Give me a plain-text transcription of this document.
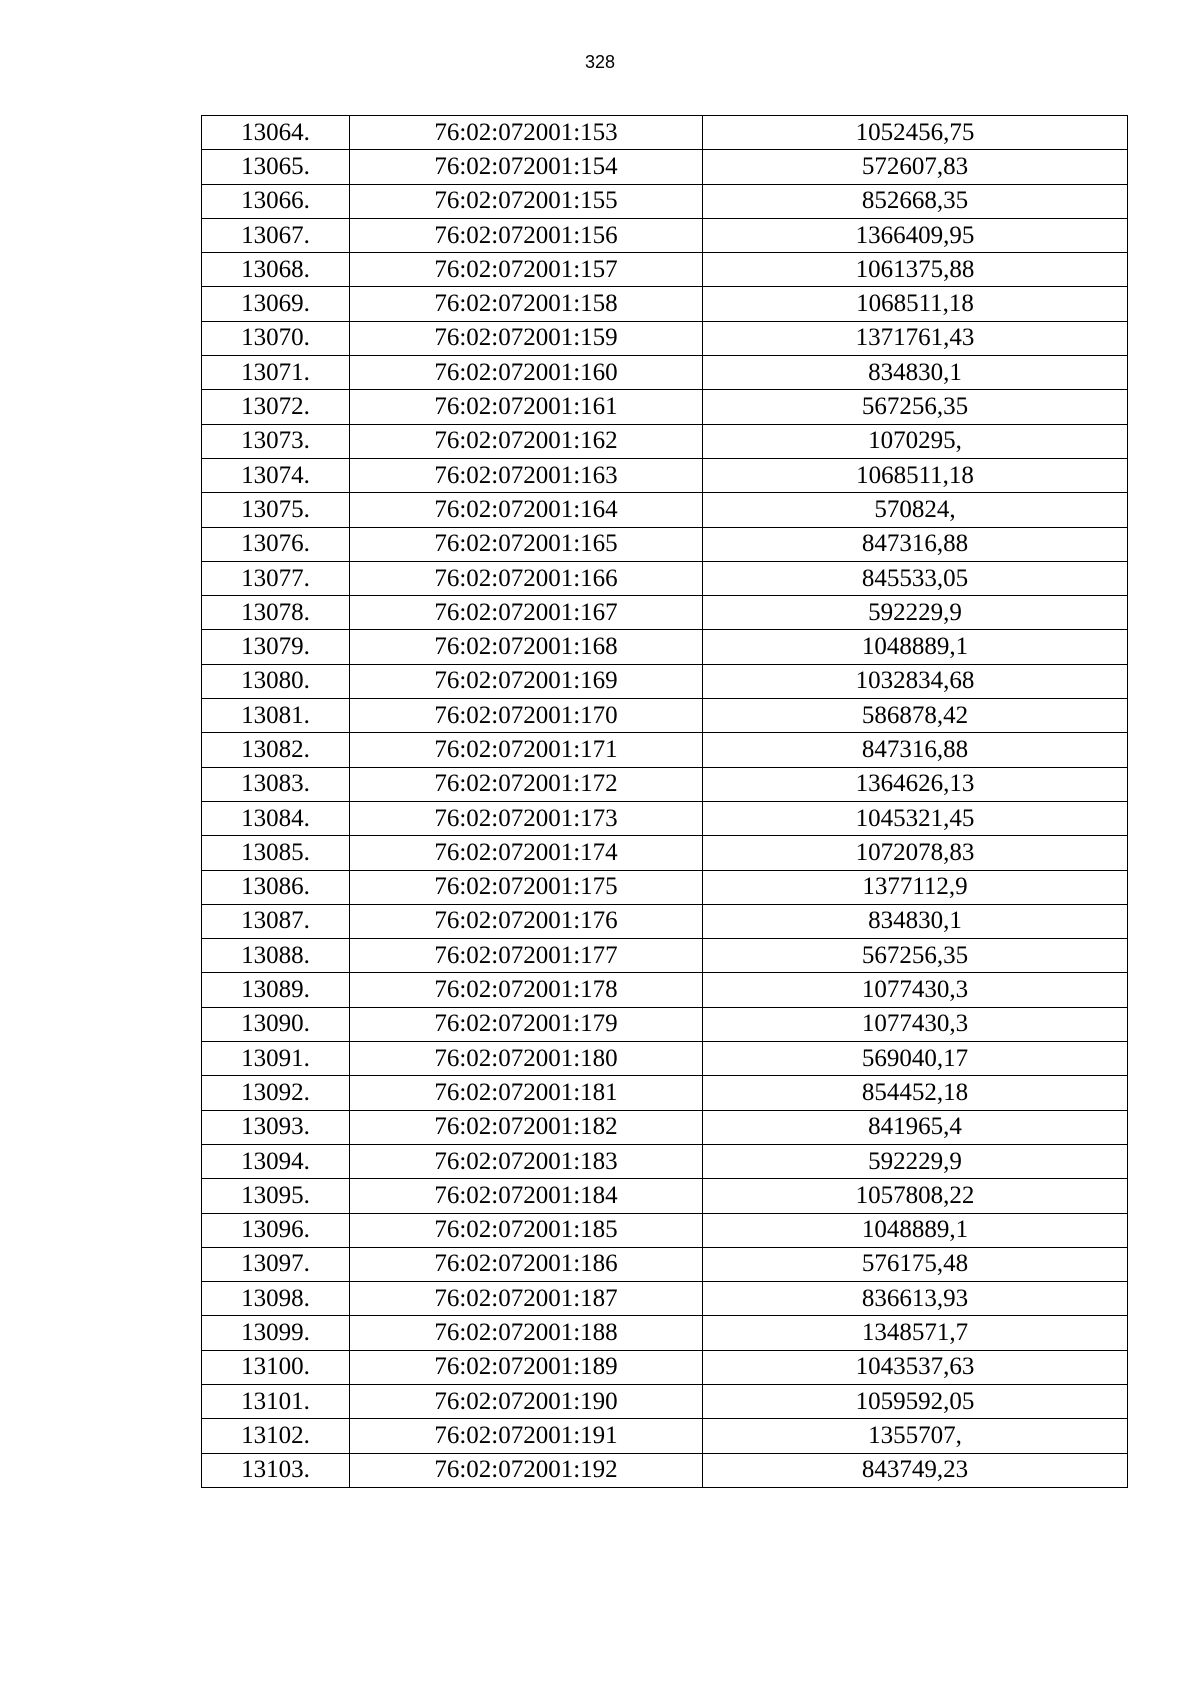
328
13064.	76:02:072001:153	1052456,75
13065.	76:02:072001:154	572607,83
13066.	76:02:072001:155	852668,35
13067.	76:02:072001:156	1366409,95
13068.	76:02:072001:157	1061375,88
13069.	76:02:072001:158	1068511,18
13070.	76:02:072001:159	1371761,43
13071.	76:02:072001:160	834830,1
13072.	76:02:072001:161	567256,35
13073.	76:02:072001:162	1070295,
13074.	76:02:072001:163	1068511,18
13075.	76:02:072001:164	570824,
13076.	76:02:072001:165	847316,88
13077.	76:02:072001:166	845533,05
13078.	76:02:072001:167	592229,9
13079.	76:02:072001:168	1048889,1
13080.	76:02:072001:169	1032834,68
13081.	76:02:072001:170	586878,42
13082.	76:02:072001:171	847316,88
13083.	76:02:072001:172	1364626,13
13084.	76:02:072001:173	1045321,45
13085.	76:02:072001:174	1072078,83
13086.	76:02:072001:175	1377112,9
13087.	76:02:072001:176	834830,1
13088.	76:02:072001:177	567256,35
13089.	76:02:072001:178	1077430,3
13090.	76:02:072001:179	1077430,3
13091.	76:02:072001:180	569040,17
13092.	76:02:072001:181	854452,18
13093.	76:02:072001:182	841965,4
13094.	76:02:072001:183	592229,9
13095.	76:02:072001:184	1057808,22
13096.	76:02:072001:185	1048889,1
13097.	76:02:072001:186	576175,48
13098.	76:02:072001:187	836613,93
13099.	76:02:072001:188	1348571,7
13100.	76:02:072001:189	1043537,63
13101.	76:02:072001:190	1059592,05
13102.	76:02:072001:191	1355707,
13103.	76:02:072001:192	843749,23
